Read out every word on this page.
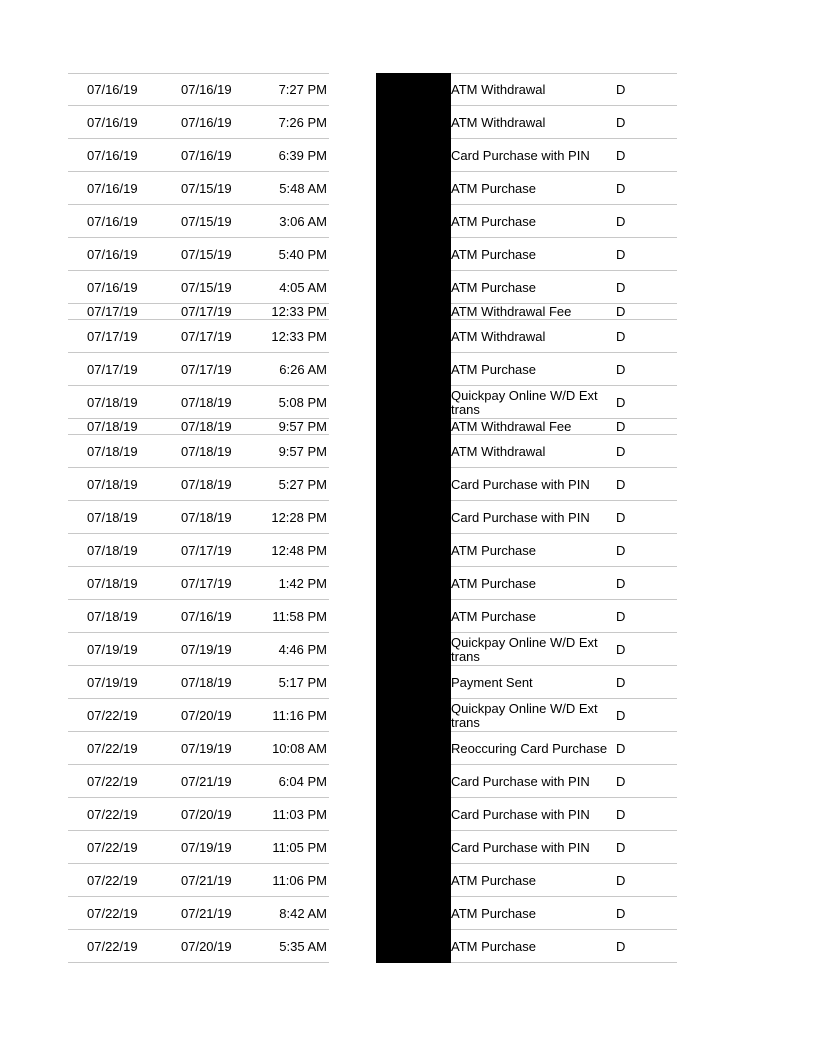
07/16/19	07/16/19	7:27 PM	ATM Withdrawal	D
07/16/19	07/16/19	7:26 PM	ATM Withdrawal	D
07/16/19	07/16/19	6:39 PM	Card Purchase with PIN	D
07/16/19	07/15/19	5:48 AM	ATM Purchase	D
07/16/19	07/15/19	3:06 AM	ATM Purchase	D
07/16/19	07/15/19	5:40 PM	ATM Purchase	D
07/16/19	07/15/19	4:05 AM	ATM Purchase	D
07/17/19	07/17/19	12:33 PM	ATM Withdrawal Fee	D
07/17/19	07/17/19	12:33 PM	ATM Withdrawal	D
07/17/19	07/17/19	6:26 AM	ATM Purchase	D
07/18/19	07/18/19	5:08 PM	Quickpay Online W/D Ext trans	D
07/18/19	07/18/19	9:57 PM	ATM Withdrawal Fee	D
07/18/19	07/18/19	9:57 PM	ATM Withdrawal	D
07/18/19	07/18/19	5:27 PM	Card Purchase with PIN	D
07/18/19	07/18/19	12:28 PM	Card Purchase with PIN	D
07/18/19	07/17/19	12:48 PM	ATM Purchase	D
07/18/19	07/17/19	1:42 PM	ATM Purchase	D
07/18/19	07/16/19	11:58 PM	ATM Purchase	D
07/19/19	07/19/19	4:46 PM	Quickpay Online W/D Ext trans	D
07/19/19	07/18/19	5:17 PM	Payment Sent	D
07/22/19	07/20/19	11:16 PM	Quickpay Online W/D Ext trans	D
07/22/19	07/19/19	10:08 AM	Reoccuring Card Purchase D
07/22/19	07/21/19	6:04 PM	Card Purchase with PIN	D
07/22/19	07/20/19	11:03 PM	Card Purchase with PIN	D
07/22/19	07/19/19	11:05 PM	Card Purchase with PIN	D
07/22/19	07/21/19	11:06 PM	ATM Purchase	D
07/22/19	07/21/19	8:42 AM	ATM Purchase	D
07/22/19	07/20/19	5:35 AM	ATM Purchase	D
